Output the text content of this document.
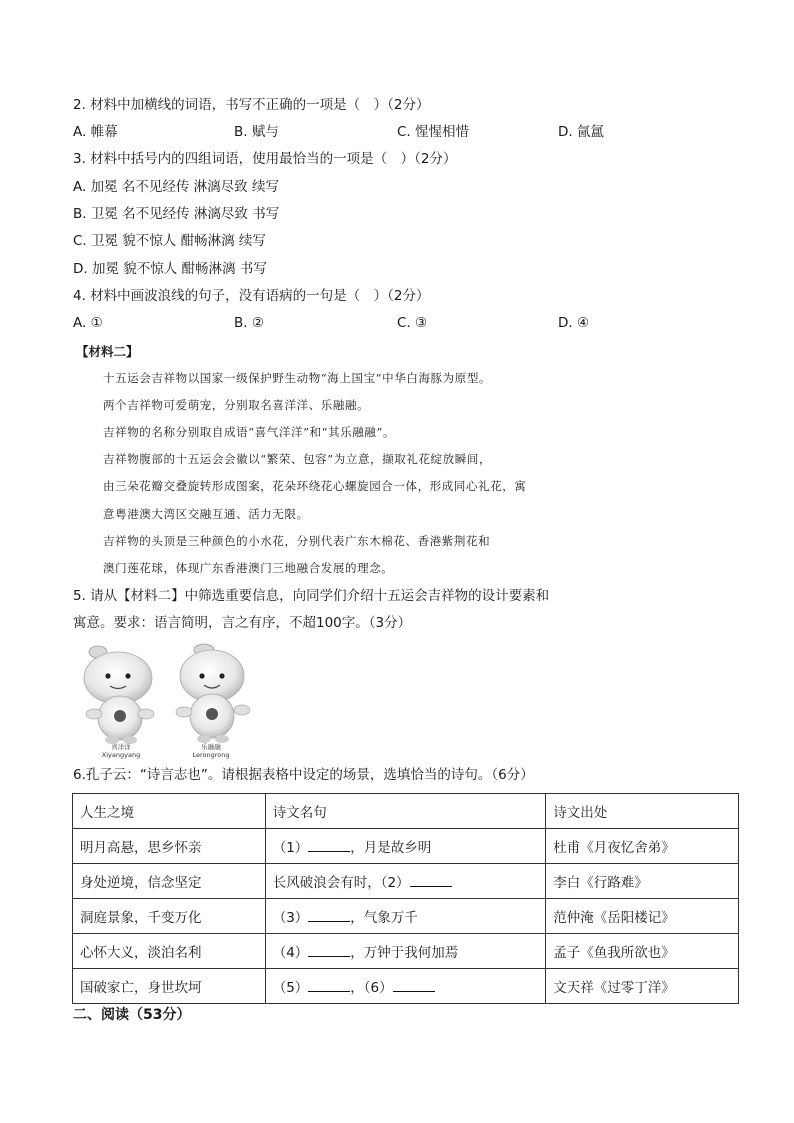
2. 材料中加横线的词语，书写不正确的一项是（　）（2分）
A. 帷幕	B. 赋与	C. 惺惺相惜	D. 氤氲
3. 材料中括号内的四组词语，使用最恰当的一项是（　）（2分）
A. 加冕 名不见经传 淋漓尽致 续写
B. 卫冕 名不见经传 淋漓尽致 书写
C. 卫冕 貌不惊人 酣畅淋漓 续写
D. 加冕 貌不惊人 酣畅淋漓 书写
4. 材料中画波浪线的句子，没有语病的一句是（　）（2分）
A. ①	B. ②	C. ③	D. ④
【材料二】
十五运会吉祥物以国家一级保护野生动物“海上国宝”中华白海豚为原型。
两个吉祥物可爱萌宠，分别取名喜洋洋、乐融融。
吉祥物的名称分别取自成语“喜气洋洋”和“其乐融融”。
吉祥物腹部的十五运会会徽以“繁荣、包容”为立意，撷取礼花绽放瞬间，
由三朵花瓣交叠旋转形成图案，花朵环绕花心螺旋园合一体，形成同心礼花，寓
意粤港澳大湾区交融互通、活力无限。
吉祥物的头顶是三种颜色的小水花，分别代表广东木棉花、香港紫荆花和
澳门莲花球，体现广东香港澳门三地融合发展的理念。
5. 请从【材料二】中筛选重要信息，向同学们介绍十五运会吉祥物的设计要素和
寓意。要求：语言简明，言之有序，不超100字。（3分）
喜洋洋
Xiyangyang
乐融融
Lerongrong
6.孔子云：“诗言志也”。请根据表格中设定的场景，选填恰当的诗句。（6分）
人生之境	诗文名句	诗文出处
明月高悬，思乡怀亲	（1） ，月是故乡明	杜甫《月夜忆舍弟》
身处逆境，信念坚定	长风破浪会有时，（2）	李白《行路难》
洞庭景象，千变万化	（3） ，气象万千	范仲淹《岳阳楼记》
心怀大义，淡泊名利	（4） ，万钟于我何加焉	孟子《鱼我所欲也》
国破家亡，身世坎坷	（5） ，（6）	文天祥《过零丁洋》
二、阅读（53分）
